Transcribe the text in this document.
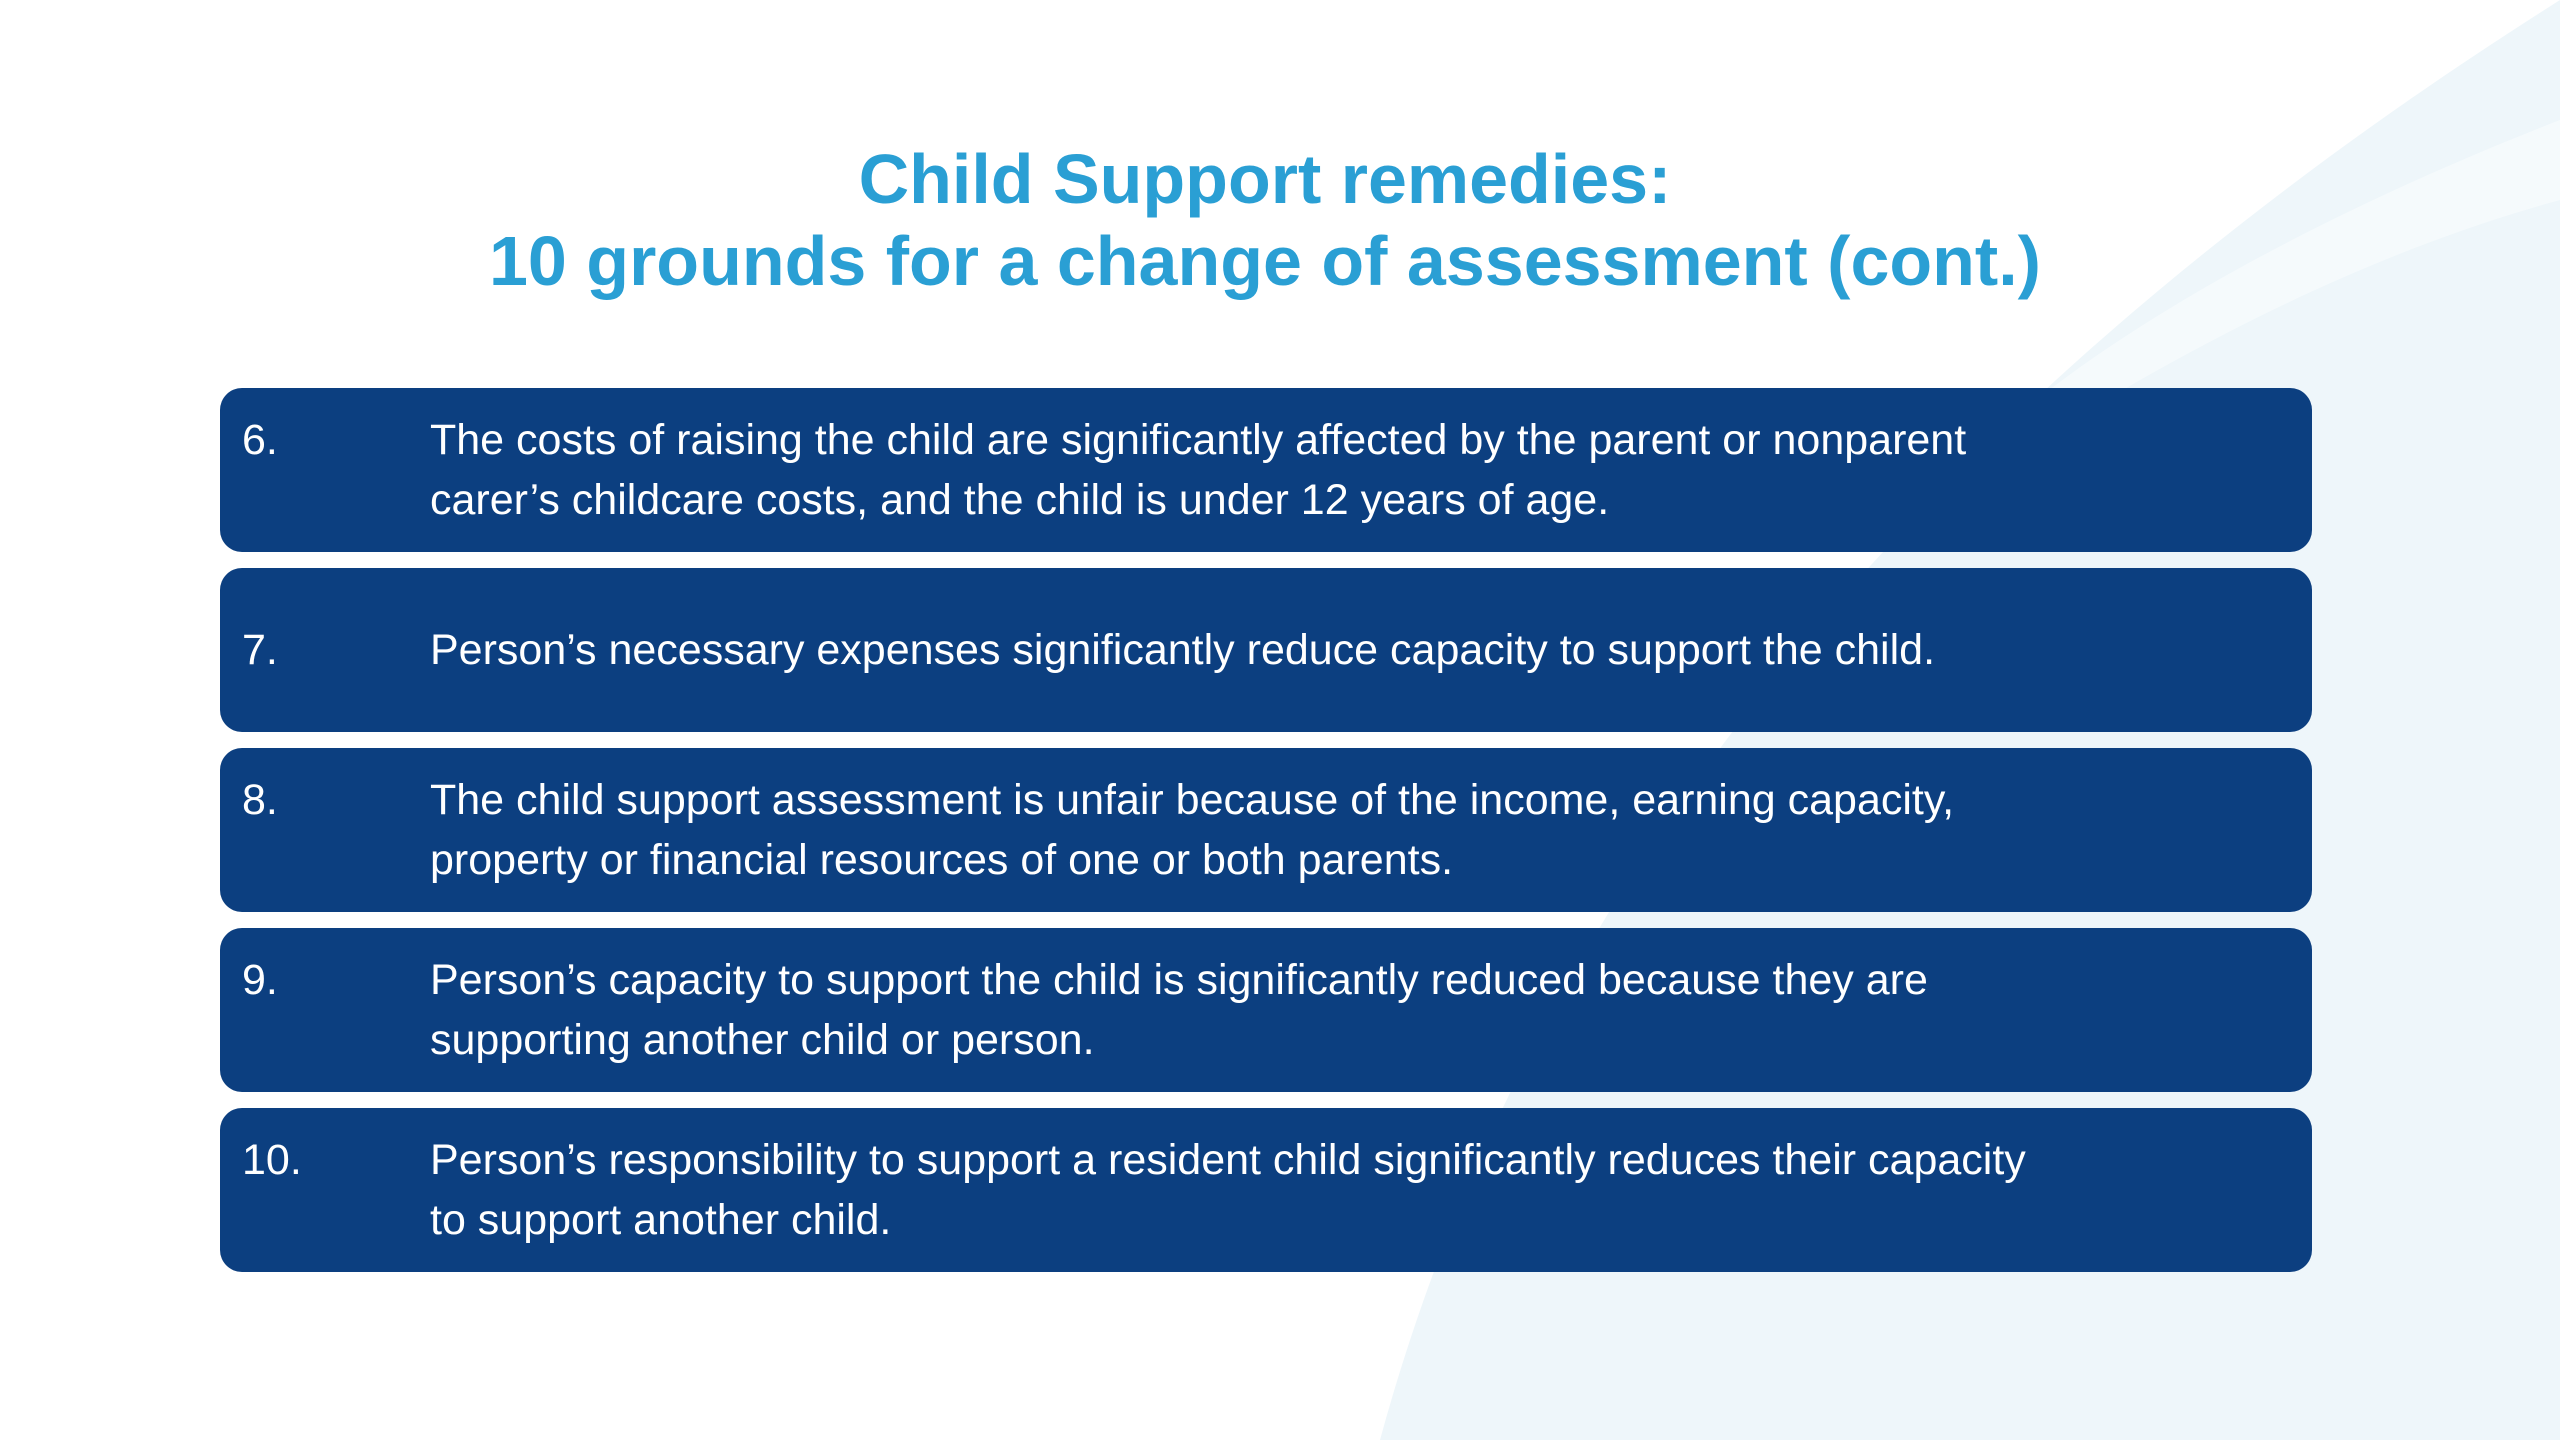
Child Support remedies:
10 grounds for a change of assessment (cont.)
6.	The costs of raising the child are significantly affected by the parent or nonparent
carer’s childcare costs, and the child is under 12 years of age.
7.	Person’s necessary expenses significantly reduce capacity to support the child.
8.	The child support assessment is unfair because of the income, earning capacity,
property or financial resources of one or both parents.
9.	Person’s capacity to support the child is significantly reduced because they are
supporting another child or person.
10.	Person’s responsibility to support a resident child significantly reduces their capacity
to support another child.
